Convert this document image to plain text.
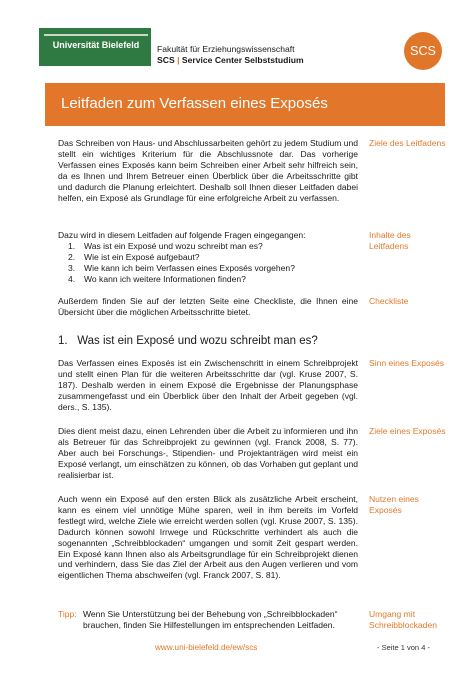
Universität Bielefeld	Fakultät für Erziehungswissenschaft
SCS | Service Center Selbststudium
SCS
Leitfaden zum Verfassen eines Exposés
Das Schreiben von Haus- und Abschlussarbeiten gehört zu jedem Studium und stellt ein wichtiges Kriterium für die Abschlussnote dar. Das vorherige Verfassen eines Exposés kann beim Schreiben einer Arbeit sehr hilfreich sein, da es Ihnen und Ihrem Betreuer einen Überblick über die Arbeitsschritte gibt und dadurch die Planung erleichtert. Deshalb soll Ihnen dieser Leitfaden dabei helfen, ein Exposé als Grundlage für eine erfolgreiche Arbeit zu verfassen.
Ziele des Leitfadens
Dazu wird in diesem Leitfaden auf folgende Fragen eingegangen:
1. Was ist ein Exposé und wozu schreibt man es?
2. Wie ist ein Exposé aufgebaut?
3. Wie kann ich beim Verfassen eines Exposés vorgehen?
4. Wo kann ich weitere Informationen finden?
Inhalte des Leitfadens
Außerdem finden Sie auf der letzten Seite eine Checkliste, die Ihnen eine Übersicht über die möglichen Arbeitsschritte bietet.
Checkliste
1. Was ist ein Exposé und wozu schreibt man es?
Das Verfassen eines Exposés ist ein Zwischenschritt in einem Schreibprojekt und stellt einen Plan für die weiteren Arbeitsschritte dar (vgl. Kruse 2007, S. 187). Deshalb werden in einem Exposé die Ergebnisse der Planungsphase zusammengefasst und ein Überblick über den Inhalt der Arbeit gegeben (vgl. ders., S. 135).
Sinn eines Exposés
Dies dient meist dazu, einen Lehrenden über die Arbeit zu informieren und ihn als Betreuer für das Schreibprojekt zu gewinnen (vgl. Franck 2008, S. 77). Aber auch bei Forschungs-, Stipendien- und Projektanträgen wird meist ein Exposé verlangt, um einschätzen zu können, ob das Vorhaben gut geplant und realisierbar ist.
Ziele eines Exposés
Auch wenn ein Exposé auf den ersten Blick als zusätzliche Arbeit erscheint, kann es einem viel unnötige Mühe sparen, weil in ihm bereits im Vorfeld festlegt wird, welche Ziele wie erreicht werden sollen (vgl. Kruse 2007, S. 135). Dadurch können sowohl Irrwege und Rückschritte verhindert als auch die sogenannten „Schreibblockaden“ umgangen und somit Zeit gespart werden. Ein Exposé kann Ihnen also als Arbeitsgrundlage für ein Schreibprojekt dienen und verhindern, dass Sie das Ziel der Arbeit aus den Augen verlieren und vom eigentlichen Thema abschweifen (vgl. Franck 2007, S. 81).
Nutzen eines Exposés
Tipp: Wenn Sie Unterstützung bei der Behebung von „Schreibblockaden“ brauchen, finden Sie Hilfestellungen im entsprechenden Leitfaden.
Umgang mit Schreibblockaden
www.uni-bielefeld.de/ew/scs	- Seite 1 von 4 -
